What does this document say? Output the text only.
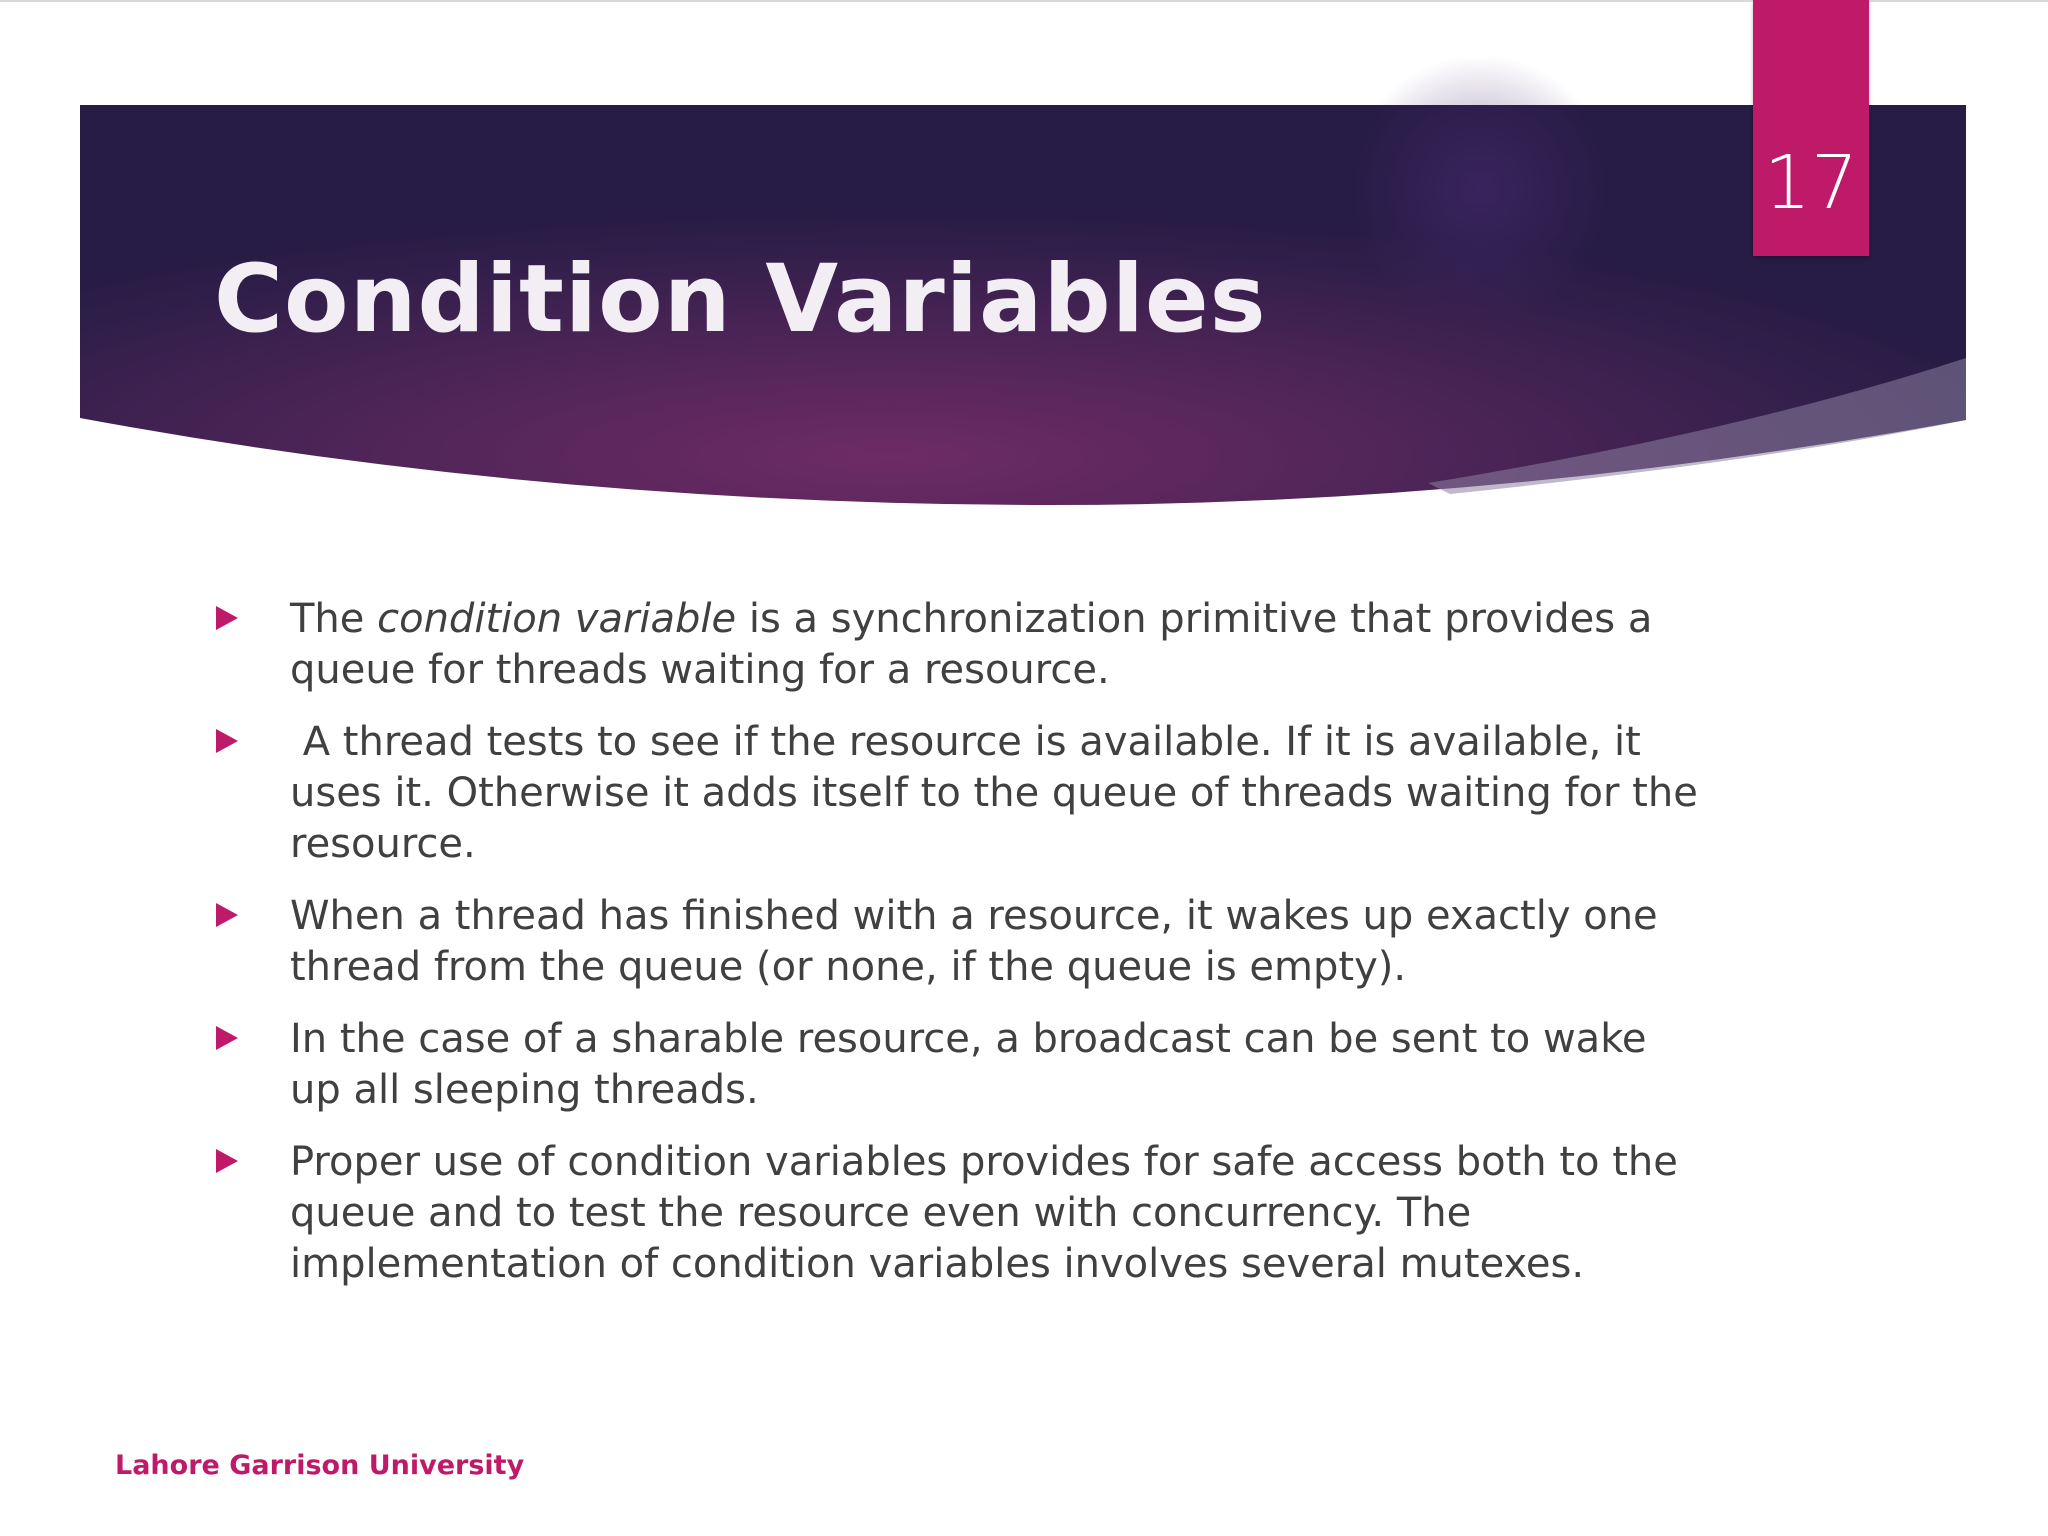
17
Condition Variables
The condition variable is a synchronization primitive that provides a queue for threads waiting for a resource.
A thread tests to see if the resource is available. If it is available, it uses it. Otherwise it adds itself to the queue of threads waiting for the resource.
When a thread has finished with a resource, it wakes up exactly one thread from the queue (or none, if the queue is empty).
In the case of a sharable resource, a broadcast can be sent to wake up all sleeping threads.
Proper use of condition variables provides for safe access both to the queue and to test the resource even with concurrency. The implementation of condition variables involves several mutexes.
Lahore Garrison University
